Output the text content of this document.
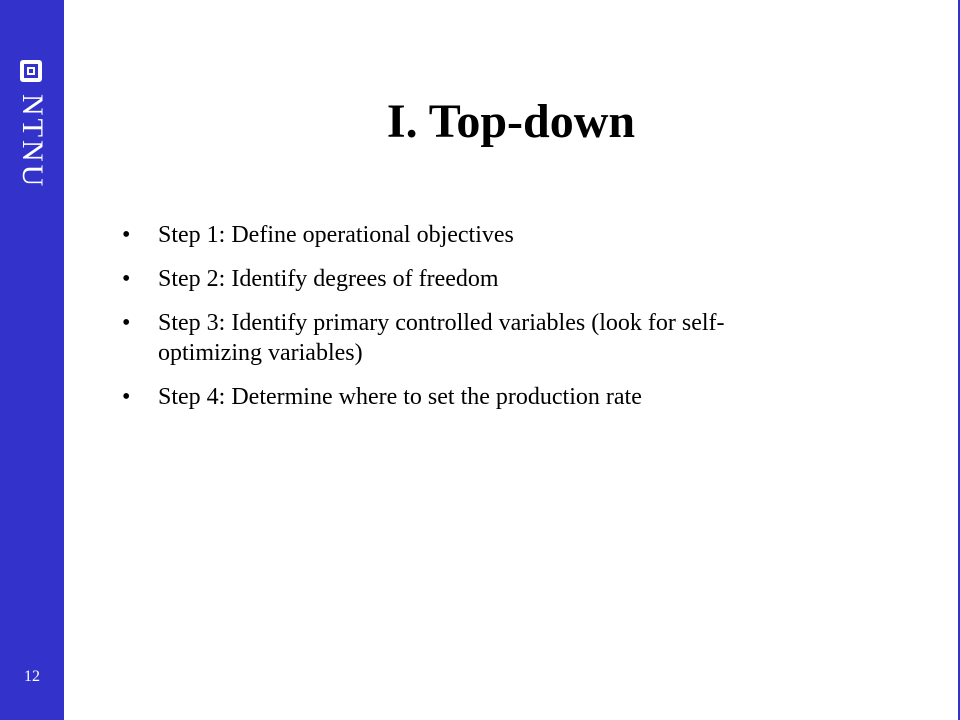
NTNU
12
I. Top-down
•	Step 1: Define operational objectives
•	Step 2: Identify degrees of freedom
•	Step 3: Identify primary controlled variables (look for self-optimizing variables)
•	Step 4: Determine where to set the production rate
